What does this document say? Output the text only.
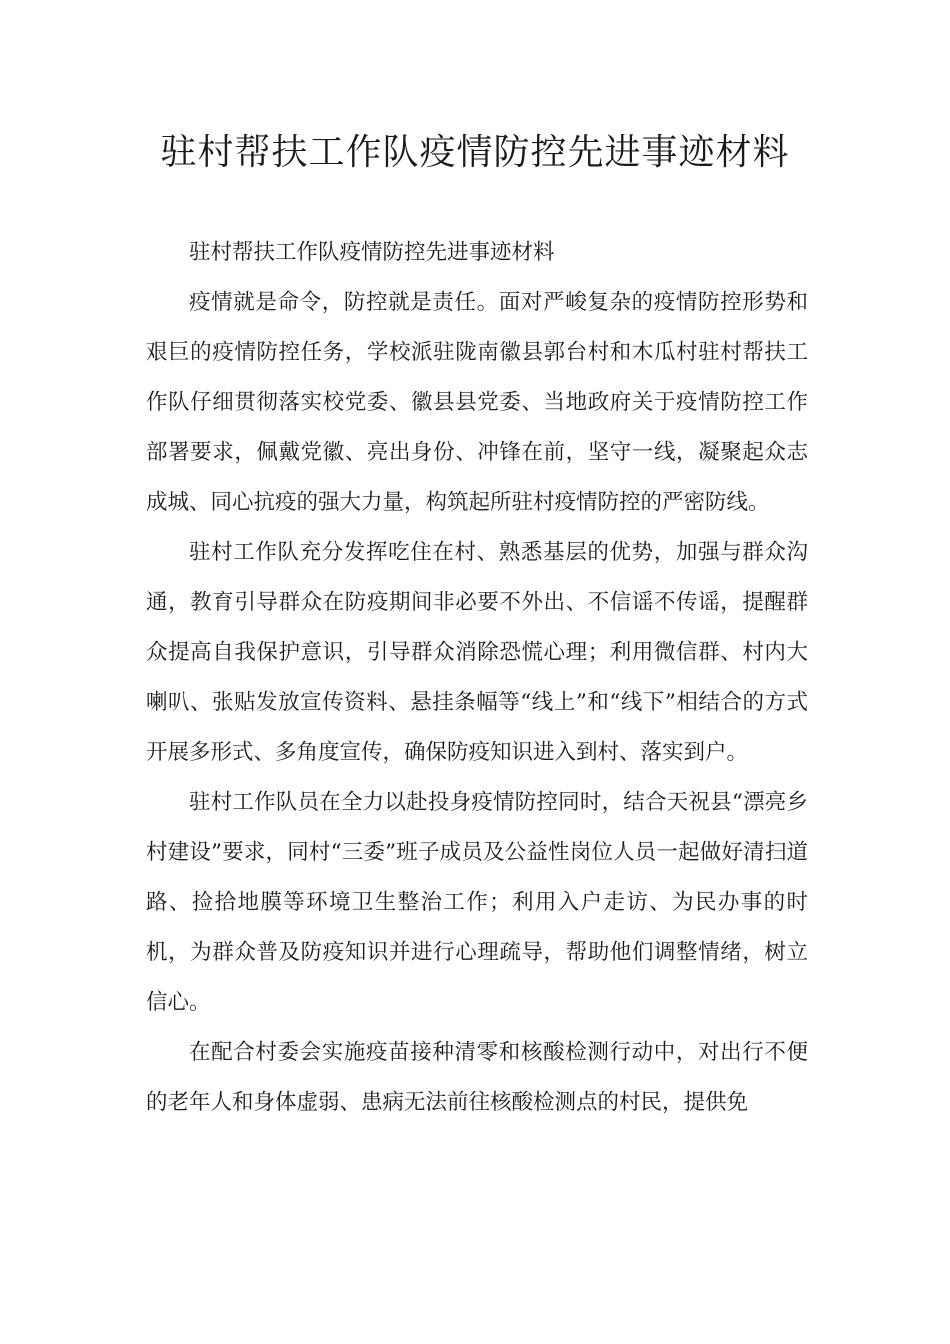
驻村帮扶工作队疫情防控先进事迹材料

驻村帮扶工作队疫情防控先进事迹材料

疫情就是命令，防控就是责任。面对严峻复杂的疫情防控形势和艰巨的疫情防控任务，学校派驻陇南徽县郭台村和木瓜村驻村帮扶工作队仔细贯彻落实校党委、徽县县党委、当地政府关于疫情防控工作部署要求，佩戴党徽、亮出身份、冲锋在前，坚守一线，凝聚起众志成城、同心抗疫的强大力量，构筑起所驻村疫情防控的严密防线。

驻村工作队充分发挥吃住在村、熟悉基层的优势，加强与群众沟通，教育引导群众在防疫期间非必要不外出、不信谣不传谣，提醒群众提高自我保护意识，引导群众消除恐慌心理；利用微信群、村内大喇叭、张贴发放宣传资料、悬挂条幅等“线上”和“线下”相结合的方式开展多形式、多角度宣传，确保防疫知识进入到村、落实到户。

驻村工作队员在全力以赴投身疫情防控同时，结合天祝县“漂亮乡村建设”要求，同村“三委”班子成员及公益性岗位人员一起做好清扫道路、捡拾地膜等环境卫生整治工作；利用入户走访、为民办事的时机，为群众普及防疫知识并进行心理疏导，帮助他们调整情绪，树立信心。

在配合村委会实施疫苗接种清零和核酸检测行动中，对出行不便的老年人和身体虚弱、患病无法前往核酸检测点的村民，提供免
